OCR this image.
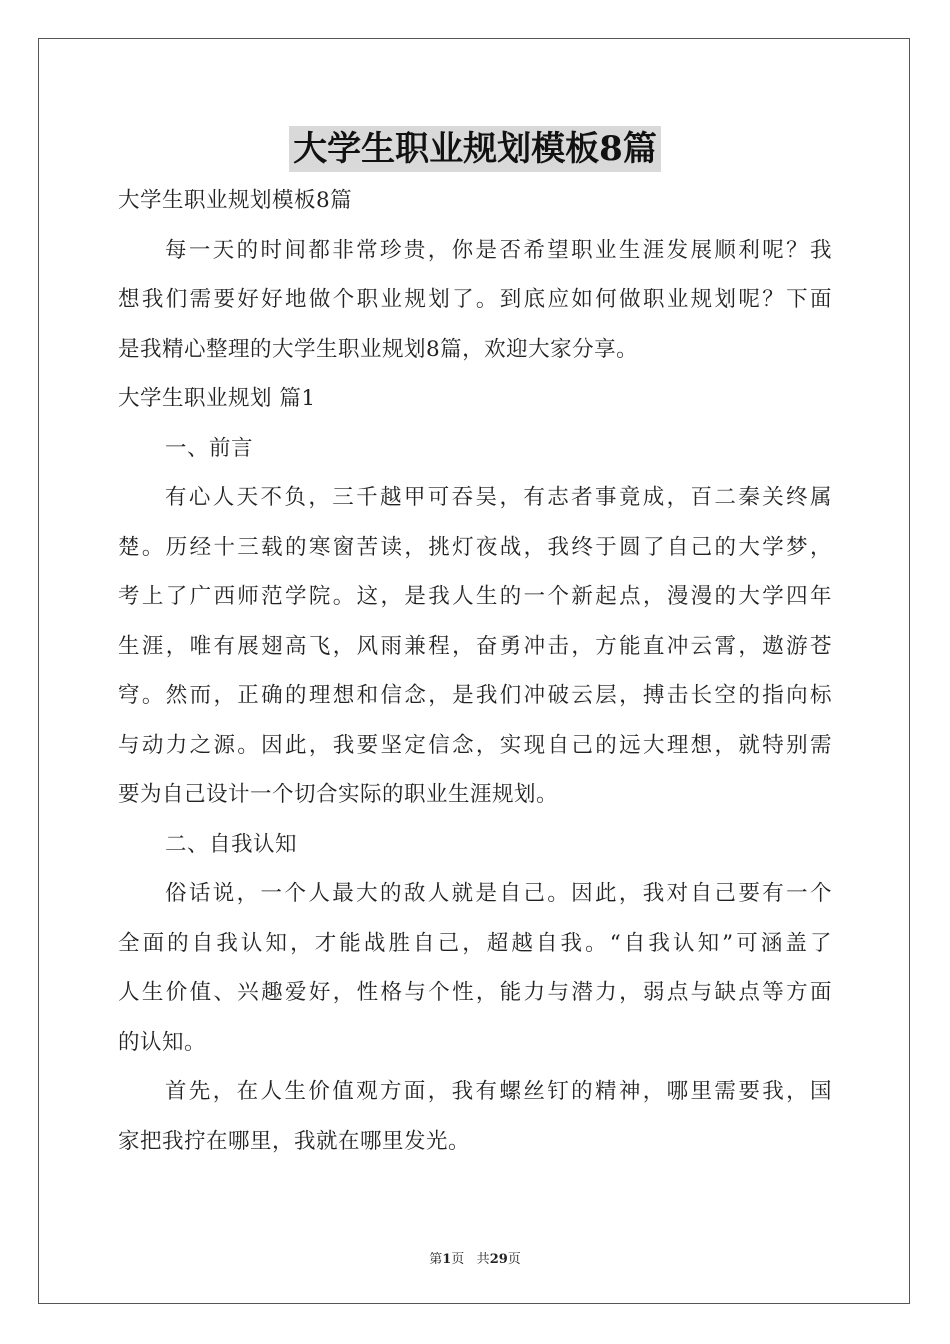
大学生职业规划模板8篇

大学生职业规划模板8篇

每一天的时间都非常珍贵，你是否希望职业生涯发展顺利呢？我

想我们需要好好地做个职业规划了。到底应如何做职业规划呢？下面

是我精心整理的大学生职业规划8篇，欢迎大家分享。

大学生职业规划 篇1

一、前言

有心人天不负，三千越甲可吞吴，有志者事竟成，百二秦关终属

楚。历经十三载的寒窗苦读，挑灯夜战，我终于圆了自己的大学梦，

考上了广西师范学院。这，是我人生的一个新起点，漫漫的大学四年

生涯，唯有展翅高飞，风雨兼程，奋勇冲击，方能直冲云霄，遨游苍

穹。然而，正确的理想和信念，是我们冲破云层，搏击长空的指向标

与动力之源。因此，我要坚定信念，实现自己的远大理想，就特别需

要为自己设计一个切合实际的职业生涯规划。

二、自我认知

俗话说，一个人最大的敌人就是自己。因此，我对自己要有一个

全面的自我认知，才能战胜自己，超越自我。“自我认知”可涵盖了

人生价值、兴趣爱好，性格与个性，能力与潜力，弱点与缺点等方面

的认知。

首先，在人生价值观方面，我有螺丝钉的精神，哪里需要我，国

家把我拧在哪里，我就在哪里发光。

第1页 共29页
